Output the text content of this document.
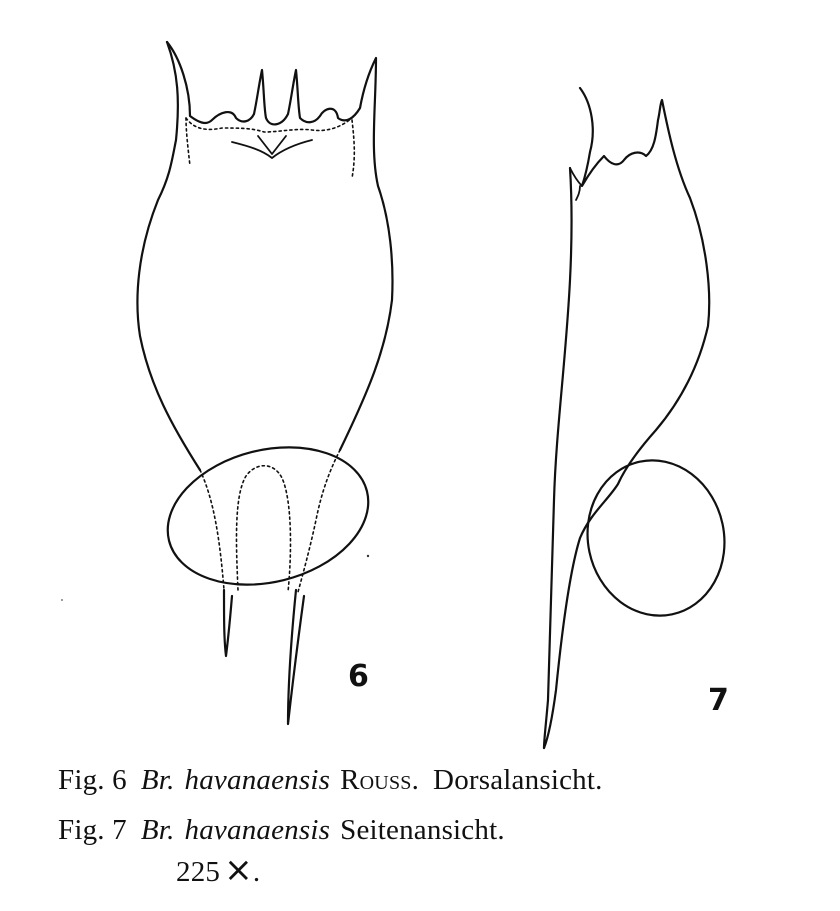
6
7
Fig. 6 Br. havanaensis Rouss. Dorsalansicht.
Fig. 7 Br. havanaensis Seitenansicht.
225 ×.
